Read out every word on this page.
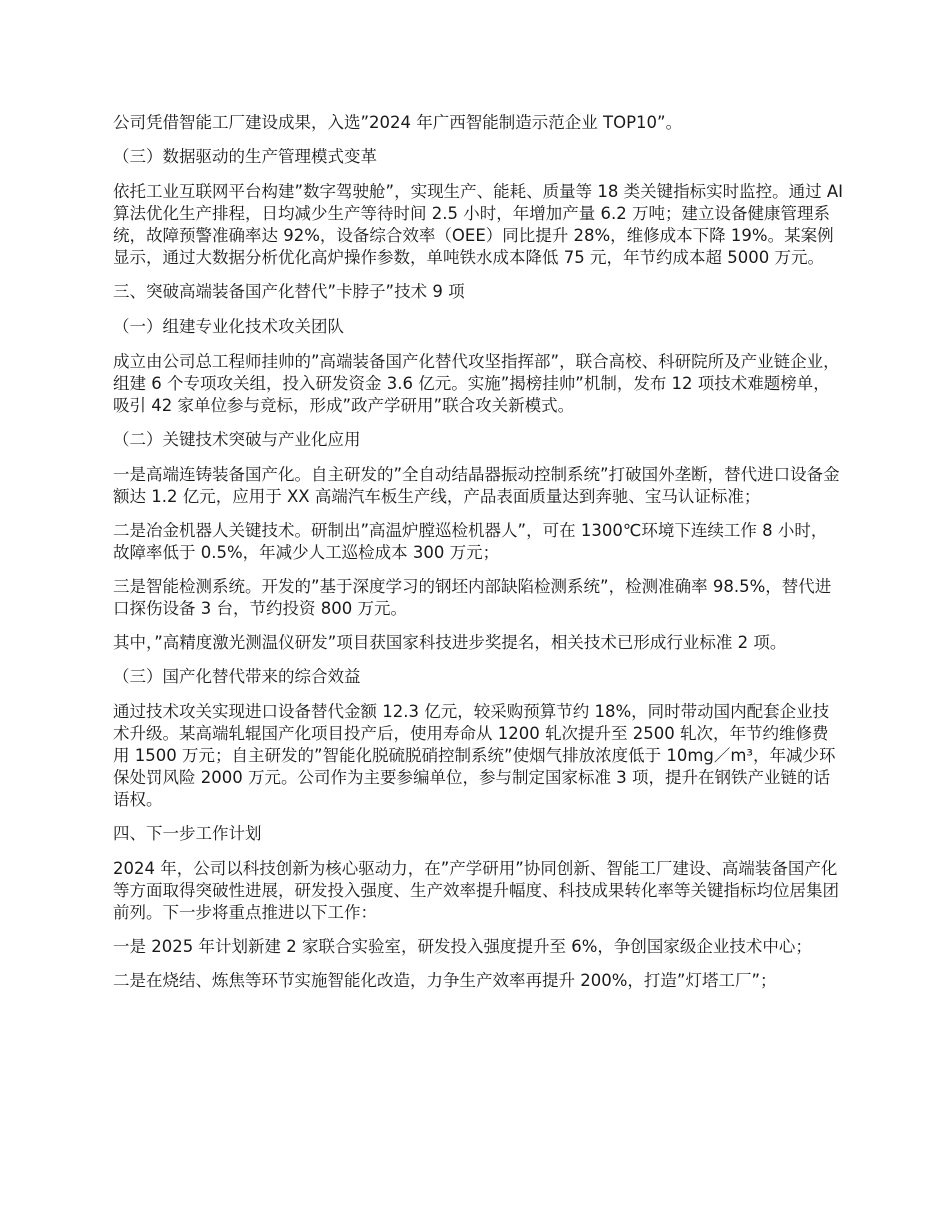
公司凭借智能工厂建设成果，入选”2024 年广西智能制造示范企业 TOP10”。

（三）数据驱动的生产管理模式变革

依托工业互联网平台构建”数字驾驶舱”，实现生产、能耗、质量等 18 类关键指标实时监控。通过 AI 算法优化生产排程，日均减少生产等待时间 2.5 小时，年增加产量 6.2 万吨；建立设备健康管理系统，故障预警准确率达 92%，设备综合效率（OEE）同比提升 28%，维修成本下降 19%。某案例显示，通过大数据分析优化高炉操作参数，单吨铁水成本降低 75 元，年节约成本超 5000 万元。

三、突破高端装备国产化替代”卡脖子”技术 9 项

（一）组建专业化技术攻关团队

成立由公司总工程师挂帅的”高端装备国产化替代攻坚指挥部”，联合高校、科研院所及产业链企业，组建 6 个专项攻关组，投入研发资金 3.6 亿元。实施”揭榜挂帅”机制，发布 12 项技术难题榜单，吸引 42 家单位参与竞标，形成”政产学研用”联合攻关新模式。

（二）关键技术突破与产业化应用

一是高端连铸装备国产化。自主研发的”全自动结晶器振动控制系统”打破国外垄断，替代进口设备金额达 1.2 亿元，应用于 XX 高端汽车板生产线，产品表面质量达到奔驰、宝马认证标准；

二是冶金机器人关键技术。研制出”高温炉膛巡检机器人”，可在 1300℃环境下连续工作 8 小时，故障率低于 0.5%，年减少人工巡检成本 300 万元；

三是智能检测系统。开发的”基于深度学习的钢坯内部缺陷检测系统”，检测准确率 98.5%，替代进口探伤设备 3 台，节约投资 800 万元。

其中，”高精度激光测温仪研发”项目获国家科技进步奖提名，相关技术已形成行业标准 2 项。

（三）国产化替代带来的综合效益

通过技术攻关实现进口设备替代金额 12.3 亿元，较采购预算节约 18%，同时带动国内配套企业技术升级。某高端轧辊国产化项目投产后，使用寿命从 1200 轧次提升至 2500 轧次，年节约维修费用 1500 万元；自主研发的”智能化脱硫脱硝控制系统”使烟气排放浓度低于 10mg／m³，年减少环保处罚风险 2000 万元。公司作为主要参编单位，参与制定国家标准 3 项，提升在钢铁产业链的话语权。

四、下一步工作计划

2024 年，公司以科技创新为核心驱动力，在”产学研用”协同创新、智能工厂建设、高端装备国产化等方面取得突破性进展，研发投入强度、生产效率提升幅度、科技成果转化率等关键指标均位居集团前列。下一步将重点推进以下工作：

一是 2025 年计划新建 2 家联合实验室，研发投入强度提升至 6%，争创国家级企业技术中心；

二是在烧结、炼焦等环节实施智能化改造，力争生产效率再提升 200%，打造”灯塔工厂”；
